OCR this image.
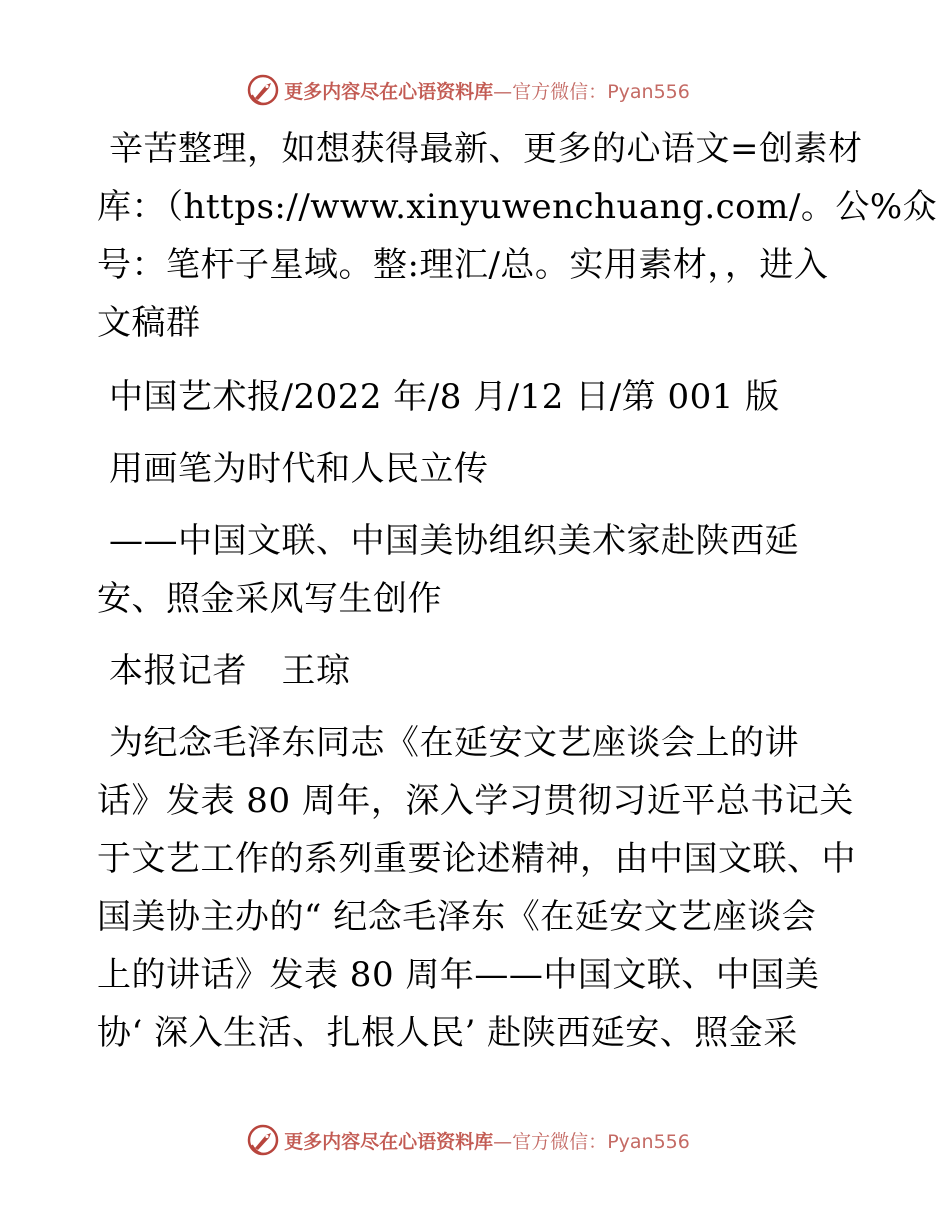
更多内容尽在心语资料库—官方微信：Pyan556
辛苦整理，如想获得最新、更多的心语文=创素材
库：（https://www.xinyuwenchuang.com/。公%众
号：笔杆子星域。整:理汇/总。实用素材，，进入
文稿群
中国艺术报/2022 年/8 月/12 日/第 001 版
用画笔为时代和人民立传
——中国文联、中国美协组织美术家赴陕西延
安、照金采风写生创作
本报记者　王琼
为纪念毛泽东同志《在延安文艺座谈会上的讲
话》发表 80 周年，深入学习贯彻习近平总书记关
于文艺工作的系列重要论述精神，由中国文联、中
国美协主办的“ 纪念毛泽东《在延安文艺座谈会
上的讲话》发表 80 周年——中国文联、中国美
协‘ 深入生活、扎根人民’ 赴陕西延安、照金采
更多内容尽在心语资料库—官方微信：Pyan556
